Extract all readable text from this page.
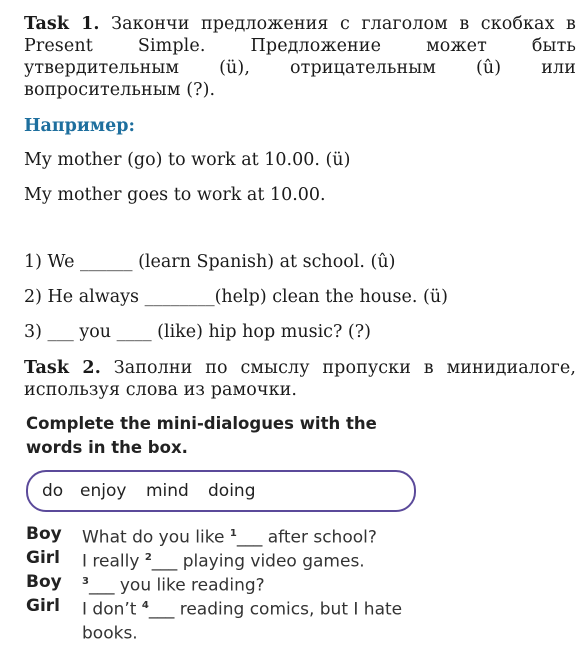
Task 1. Закончи предложения с глаголом в скобках в Present Simple. Предложение может быть утвердительным (ü), отрицательным (û) или вопросительным (?).
Например:
My mother (go) to work at 10.00. (ü)
My mother goes to work at 10.00.
1) We ______ (learn Spanish) at school. (û)
2) He always ________(help) clean the house. (ü)
3) ___ you ____ (like) hip hop music? (?)
Task 2. Заполни по смыслу пропуски в минидиалоге, используя слова из рамочки.
Complete the mini-dialogues with the words in the box.
do enjoy mind doing
Boy	What do you like $^1$___ after school?
Girl	I really $^2$___ playing video games.
Boy	$^3$___ you like reading?
Girl	I don’t $^4$___ reading comics, but I hate
books.
